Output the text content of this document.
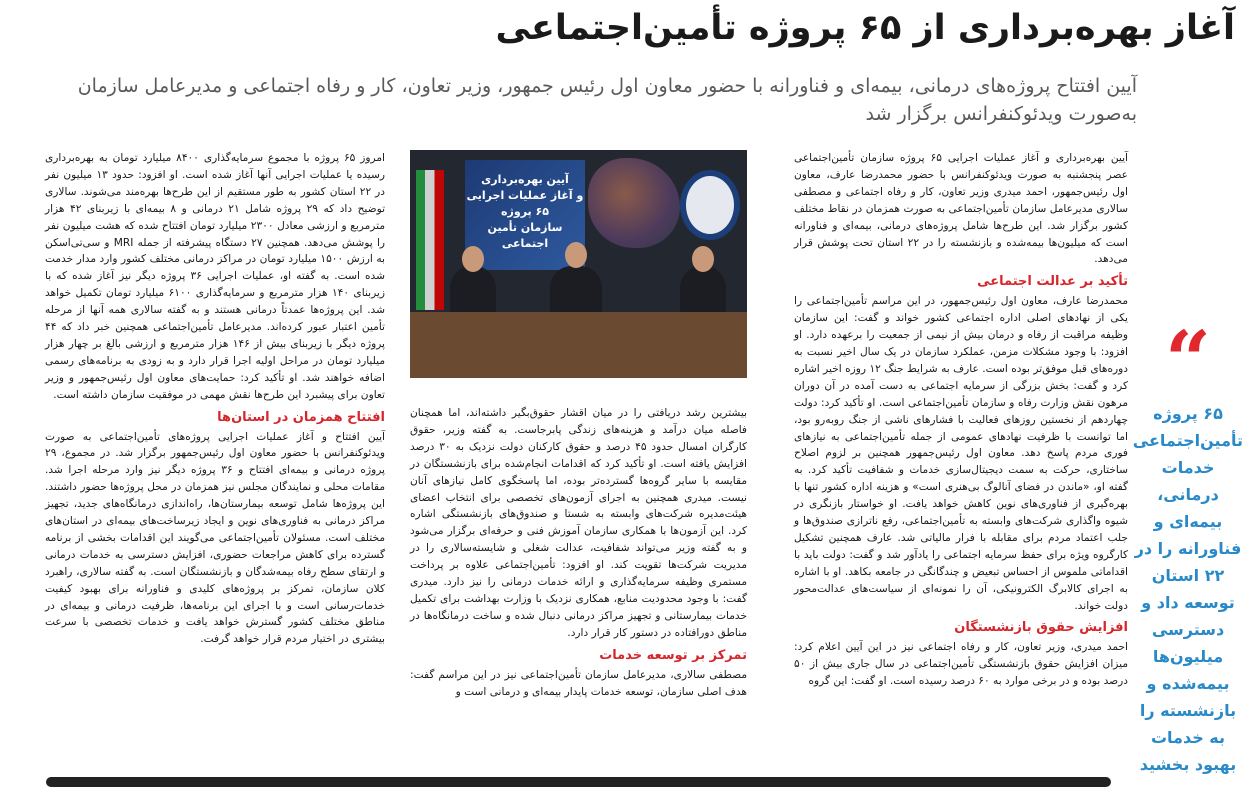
آغاز بهره‌برداری از ۶۵ پروژه تأمین‌اجتماعی

آیین افتتاح پروژه‌های درمانی، بیمه‌ای و فناورانه با حضور معاون اول رئیس جمهور، وزیر تعاون، کار و رفاه اجتماعی و مدیرعامل سازمان به‌صورت ویدئوکنفرانس برگزار شد

“
۶۵ پروژه تأمین‌اجتماعی خدمات درمانی، بیمه‌ای و فناورانه را در ۲۲ استان توسعه داد و دسترسی میلیون‌ها بیمه‌شده و بازنشسته را به خدمات بهبود بخشید

آیین بهره‌برداری و آغاز عملیات اجرایی ۶۵ پروژه سازمان تأمین‌اجتماعی عصر پنجشنبه به صورت ویدئوکنفرانس با حضور محمدرضا عارف، معاون اول رئیس‌جمهور، احمد میدری وزیر تعاون، کار و رفاه اجتماعی و مصطفی سالاری مدیرعامل سازمان تأمین‌اجتماعی به صورت همزمان در نقاط مختلف کشور برگزار شد. این طرح‌ها شامل پروژه‌های درمانی، بیمه‌ای و فناورانه است که میلیون‌ها بیمه‌شده و بازنشسته را در ۲۲ استان تحت پوشش قرار می‌دهد.

تأکید بر عدالت اجتماعی

محمدرضا عارف، معاون اول رئیس‌جمهور، در این مراسم تأمین‌اجتماعی را یکی از نهادهای اصلی اداره اجتماعی کشور خواند و گفت: این سازمان وظیفه مراقبت از رفاه و درمان بیش از نیمی از جمعیت را برعهده دارد. او افزود: با وجود مشکلات مزمن، عملکرد سازمان در یک سال اخیر نسبت به دوره‌های قبل موفق‌تر بوده است. عارف به شرایط جنگ ۱۲ روزه اخیر اشاره کرد و گفت: بخش بزرگی از سرمایه اجتماعی به دست آمده در آن دوران مرهون نقش وزارت رفاه و سازمان تأمین‌اجتماعی است. او تأکید کرد: دولت چهاردهم از نخستین روزهای فعالیت با فشارهای ناشی از جنگ روبه‌رو بود، اما توانست با ظرفیت نهادهای عمومی از جمله تأمین‌اجتماعی به نیازهای فوری مردم پاسخ دهد. معاون اول رئیس‌جمهور همچنین بر لزوم اصلاح ساختاری، حرکت به سمت دیجیتال‌سازی خدمات و شفافیت تأکید کرد. به گفته او، «ماندن در فضای آنالوگ بی‌هنری است» و هزینه اداره کشور تنها با بهره‌گیری از فناوری‌های نوین کاهش خواهد یافت. او خواستار بازنگری در شیوه واگذاری شرکت‌های وابسته به تأمین‌اجتماعی، رفع ناترازی صندوق‌ها و جلب اعتماد مردم برای مقابله با فرار مالیاتی شد. عارف همچنین تشکیل کارگروه ویژه برای حفظ سرمایه اجتماعی را یادآور شد و گفت: دولت باید با اقداماتی ملموس از احساس تبعیض و چندگانگی در جامعه بکاهد. او با اشاره به اجرای کالابرگ الکترونیکی، آن را نمونه‌ای از سیاست‌های عدالت‌محور دولت خواند.

افزایش حقوق بازنشستگان

احمد میدری، وزیر تعاون، کار و رفاه اجتماعی نیز در این آیین اعلام کرد: میزان افزایش حقوق بازنشستگی تأمین‌اجتماعی در سال جاری بیش از ۵۰ درصد بوده و در برخی موارد به ۶۰ درصد رسیده است. او گفت: این گروه

آیین بهره‌برداری
و آغاز عملیات اجرایی
۶۵ پروژه
سازمان تأمین اجتماعی

امروز ۶۵ پروژه با مجموع سرمایه‌گذاری ۸۴۰۰ میلیارد تومان به بهره‌برداری رسیده یا عملیات اجرایی آنها آغاز شده است. او افزود: حدود ۱۳ میلیون نفر در ۲۲ استان کشور به طور مستقیم از این طرح‌ها بهره‌مند می‌شوند. سالاری توضیح داد که ۲۹ پروژه شامل ۲۱ درمانی و ۸ بیمه‌ای با زیربنای ۴۲ هزار مترمربع و ارزشی معادل ۲۳۰۰ میلیارد تومان افتتاح شده که هشت میلیون نفر را پوشش می‌دهد. همچنین ۲۷ دستگاه پیشرفته از جمله MRI و سی‌تی‌اسکن به ارزش ۱۵۰۰ میلیارد تومان در مراکز درمانی مختلف کشور وارد مدار خدمت شده است. به گفته او، عملیات اجرایی ۳۶ پروژه دیگر نیز آغاز شده که با زیربنای ۱۴۰ هزار مترمربع و سرمایه‌گذاری ۶۱۰۰ میلیارد تومان تکمیل خواهد شد. این پروژه‌ها عمدتاً درمانی هستند و به گفته سالاری همه آنها از مرحله تأمین اعتبار عبور کرده‌اند. مدیرعامل تأمین‌اجتماعی همچنین خبر داد که ۴۴ پروژه دیگر با زیربنای بیش از ۱۴۶ هزار مترمربع و ارزشی بالغ بر چهار هزار میلیارد تومان در مراحل اولیه اجرا قرار دارد و به زودی به برنامه‌های رسمی اضافه خواهند شد. او تأکید کرد: حمایت‌های معاون اول رئیس‌جمهور و وزیر تعاون برای پیشبرد این طرح‌ها نقش مهمی در موفقیت سازمان داشته است.

افتتاح همزمان در استان‌ها

آیین افتتاح و آغاز عملیات اجرایی پروژه‌های تأمین‌اجتماعی به صورت ویدئوکنفرانس با حضور معاون اول رئیس‌جمهور برگزار شد. در مجموع، ۲۹ پروژه درمانی و بیمه‌ای افتتاح و ۳۶ پروژه دیگر نیز وارد مرحله اجرا شد. مقامات محلی و نمایندگان مجلس نیز همزمان در محل پروژه‌ها حضور داشتند. این پروژه‌ها شامل توسعه بیمارستان‌ها، راه‌اندازی درمانگاه‌های جدید، تجهیز مراکز درمانی به فناوری‌های نوین و ایجاد زیرساخت‌های بیمه‌ای در استان‌های مختلف است. مسئولان تأمین‌اجتماعی می‌گویند این اقدامات بخشی از برنامه گسترده برای کاهش مراجعات حضوری، افزایش دسترسی به خدمات درمانی و ارتقای سطح رفاه بیمه‌شدگان و بازنشستگان است. به گفته سالاری، راهبرد کلان سازمان، تمرکز بر پروژه‌های کلیدی و فناورانه برای بهبود کیفیت خدمات‌رسانی است و با اجرای این برنامه‌ها، ظرفیت درمانی و بیمه‌ای در مناطق مختلف کشور گسترش خواهد یافت و خدمات تخصصی با سرعت بیشتری در اختیار مردم قرار خواهد گرفت.

بیشترین رشد دریافتی را در میان اقشار حقوق‌بگیر داشته‌اند، اما همچنان فاصله میان درآمد و هزینه‌های زندگی پابرجاست. به گفته وزیر، حقوق کارگران امسال حدود ۴۵ درصد و حقوق کارکنان دولت نزدیک به ۳۰ درصد افزایش یافته است. او تأکید کرد که اقدامات انجام‌شده برای بازنشستگان در مقایسه با سایر گروه‌ها گسترده‌تر بوده، اما پاسخگوی کامل نیازهای آنان نیست. میدری همچنین به اجرای آزمون‌های تخصصی برای انتخاب اعضای هیئت‌مدیره شرکت‌های وابسته به شستا و صندوق‌های بازنشستگی اشاره کرد. این آزمون‌ها با همکاری سازمان آموزش فنی و حرفه‌ای برگزار می‌شود و به گفته وزیر می‌تواند شفافیت، عدالت شغلی و شایسته‌سالاری را در مدیریت شرکت‌ها تقویت کند. او افزود: تأمین‌اجتماعی علاوه بر پرداخت مستمری وظیفه سرمایه‌گذاری و ارائه خدمات درمانی را نیز دارد. میدری گفت: با وجود محدودیت منابع، همکاری نزدیک با وزارت بهداشت برای تکمیل خدمات بیمارستانی و تجهیز مراکز درمانی دنبال شده و ساخت درمانگاه‌ها در مناطق دورافتاده در دستور کار قرار دارد.

تمرکز بر توسعه خدمات

مصطفی سالاری، مدیرعامل سازمان تأمین‌اجتماعی نیز در این مراسم گفت: هدف اصلی سازمان، توسعه خدمات پایدار بیمه‌ای و درمانی است و
